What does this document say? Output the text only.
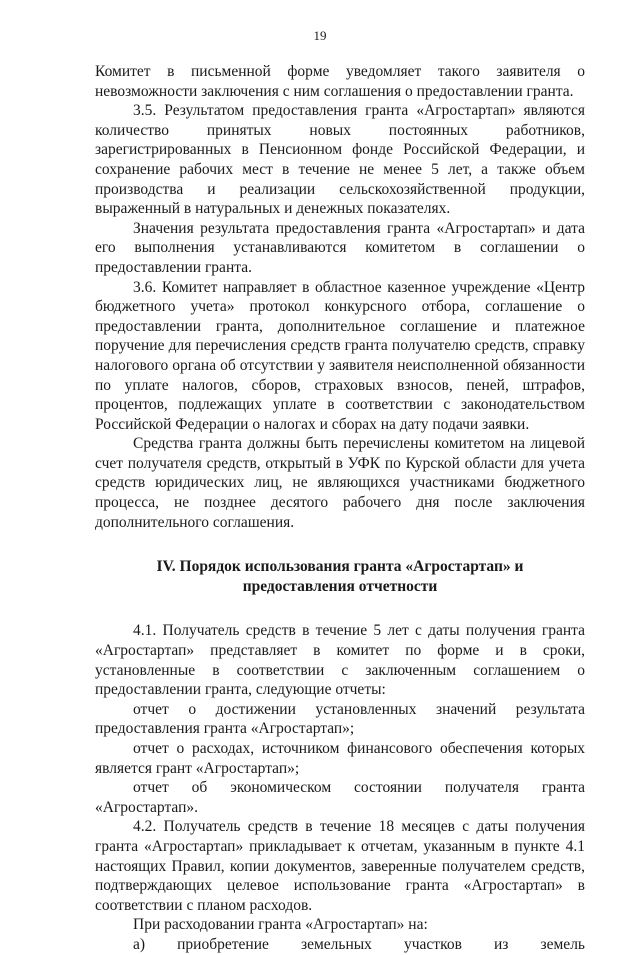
19

Комитет в письменной форме уведомляет такого заявителя о невозможности заключения с ним соглашения о предоставлении гранта.

3.5. Результатом предоставления гранта «Агростартап» являются количество принятых новых постоянных работников, зарегистрированных в Пенсионном фонде Российской Федерации, и сохранение рабочих мест в течение не менее 5 лет, а также объем производства и реализации сельскохозяйственной продукции, выраженный в натуральных и денежных показателях.

Значения результата предоставления гранта «Агростартап» и дата его выполнения устанавливаются комитетом в соглашении о предоставлении гранта.

3.6. Комитет направляет в областное казенное учреждение «Центр бюджетного учета» протокол конкурсного отбора, соглашение о предоставлении гранта, дополнительное соглашение и платежное поручение для перечисления средств гранта получателю средств, справку налогового органа об отсутствии у заявителя неисполненной обязанности по уплате налогов, сборов, страховых взносов, пеней, штрафов, процентов, подлежащих уплате в соответствии с законодательством Российской Федерации о налогах и сборах на дату подачи заявки.

Средства гранта должны быть перечислены комитетом на лицевой счет получателя средств, открытый в УФК по Курской области для учета средств юридических лиц, не являющихся участниками бюджетного процесса, не позднее десятого рабочего дня после заключения дополнительного соглашения.

IV. Порядок использования гранта «Агростартап» и
предоставления отчетности

4.1. Получатель средств в течение 5 лет с даты получения гранта «Агростартап» представляет в комитет по форме и в сроки, установленные в соответствии с заключенным соглашением о предоставлении гранта, следующие отчеты:

отчет о достижении установленных значений результата предоставления гранта «Агростартап»;

отчет о расходах, источником финансового обеспечения которых является грант «Агростартап»;

отчет об экономическом состоянии получателя гранта «Агростартап».

4.2. Получатель средств в течение 18 месяцев с даты получения гранта «Агростартап» прикладывает к отчетам, указанным в пункте 4.1 настоящих Правил, копии документов, заверенные получателем средств, подтверждающих целевое использование гранта «Агростартап» в соответствии с планом расходов.

При расходовании гранта «Агростартап» на:

а) приобретение земельных участков из земель
